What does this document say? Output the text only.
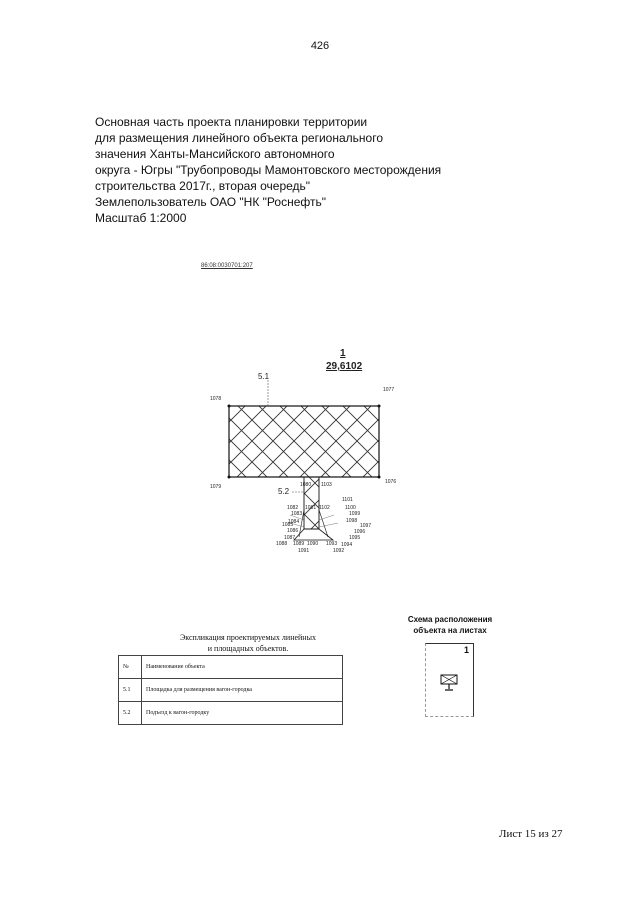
426
Основная часть проекта планировки территории
для размещения линейного объекта регионального
значения Ханты-Мансийского автономного
округа - Югры "Трубопроводы Мамонтовского месторождения
строительства 2017г., вторая очередь"
Землепользователь ОАО "НК "Роснефть"
Масштаб 1:2000
86:08:0030701:207
1
29,6102
5.1
5.2
1078
1077
1079
1076
1080 1103
1101
1082 1081 1102	1100
1083	1099
1084	1098
1085	1097
1086	1096
1087	1095
1088 1089 1090 1093 1094
1091	1092
Экспликация проектируемых линейных
и площадных объектов.
№	Наименование объекта
5.1	Площадка для размещения вагон-городка
5.2	Подъезд к вагон-городку
Схема расположения
объекта на листах
1
Лист 15 из 27
